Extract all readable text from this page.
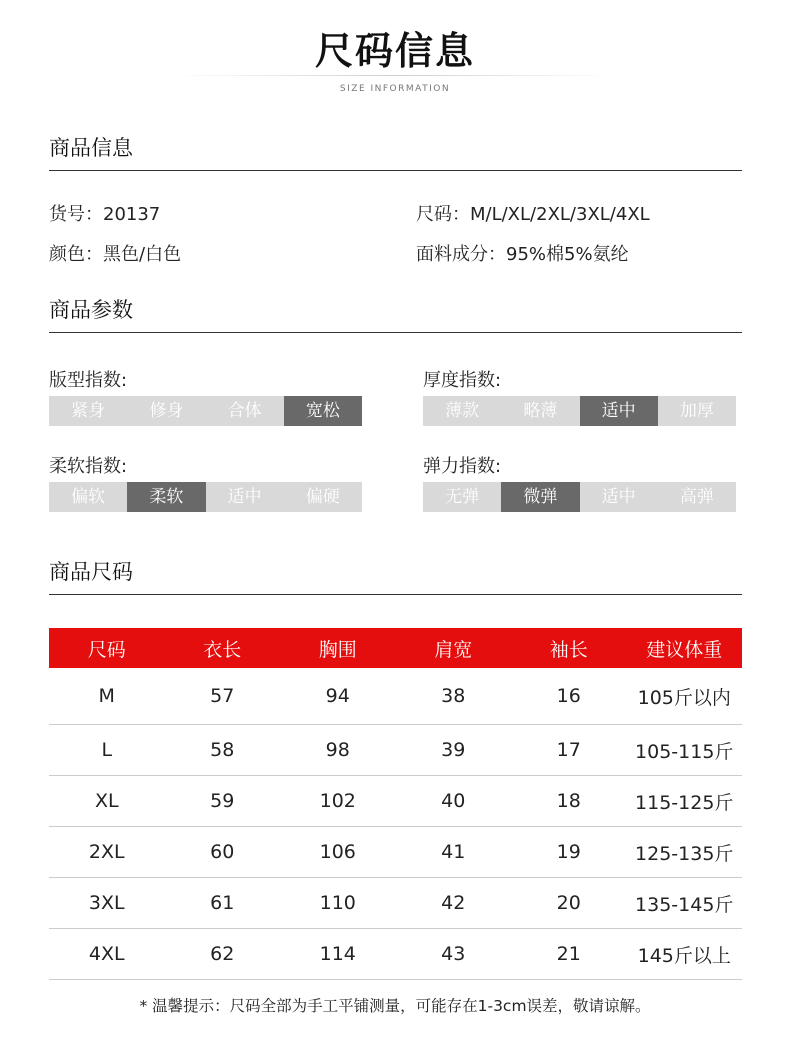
尺码信息
SIZE INFORMATION
商品信息
货号：20137	尺码：M/L/XL/2XL/3XL/4XL
颜色：黑色/白色	面料成分：95%棉5%氨纶
商品参数
版型指数:
紧身	修身	合体	宽松
厚度指数:
薄款	略薄	适中	加厚
柔软指数:
偏软	柔软	适中	偏硬
弹力指数:
无弹	微弹	适中	高弹
商品尺码
尺码	衣长	胸围	肩宽	袖长	建议体重
M	57	94	38	16	105斤以内
L	58	98	39	17	105-115斤
XL	59	102	40	18	115-125斤
2XL	60	106	41	19	125-135斤
3XL	61	110	42	20	135-145斤
4XL	62	114	43	21	145斤以上
* 温馨提示：尺码全部为手工平铺测量，可能存在1-3cm误差，敬请谅解。
